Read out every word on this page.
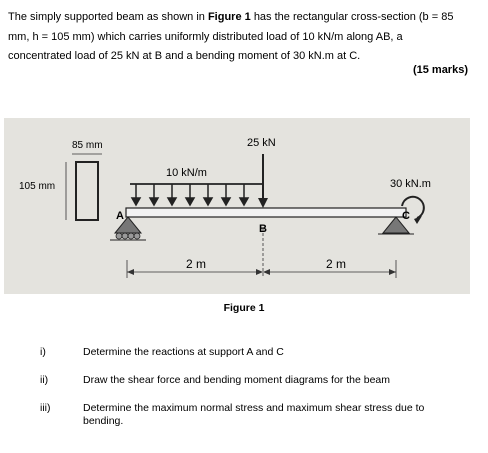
The simply supported beam as shown in Figure 1 has the rectangular cross-section (b = 85
mm, h = 105 mm) which carries uniformly distributed load of 10 kN/m along AB, a
concentrated load of 25 kN at B and a bending moment of 30 kN.m at C.
(15 marks)
85 mm
105 mm
10 kN/m
25 kN
A
B
30 kN.m
C
2 m	2 m
Figure 1
i)	Determine the reactions at support A and C
ii)	Draw the shear force and bending moment diagrams for the beam
iii)	Determine the maximum normal stress and maximum shear stress due to
bending.
